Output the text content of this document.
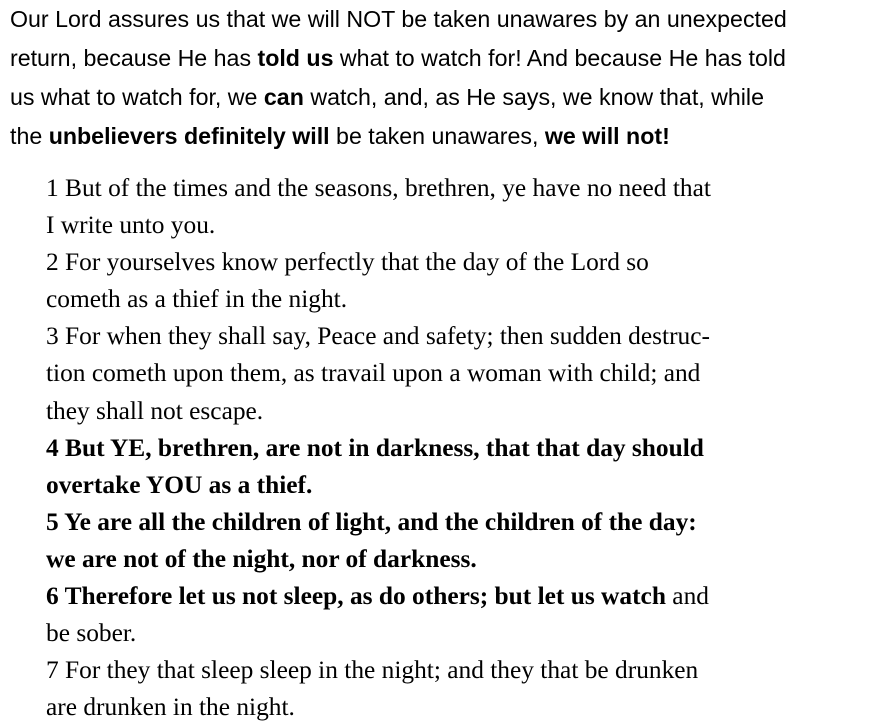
Our Lord assures us that we will NOT be taken unawares by an unexpected
return, because He has told us what to watch for! And because He has told
us what to watch for, we can watch, and, as He says, we know that, while
the unbelievers definitely will be taken unawares, we will not!
1 But of the times and the seasons, brethren, ye have no need that
I write unto you.
2 For yourselves know perfectly that the day of the Lord so
cometh as a thief in the night.
3 For when they shall say, Peace and safety; then sudden destruc-
tion cometh upon them, as travail upon a woman with child; and
they shall not escape.
4 But YE, brethren, are not in darkness, that that day should
overtake YOU as a thief.
5 Ye are all the children of light, and the children of the day:
we are not of the night, nor of darkness.
6 Therefore let us not sleep, as do others; but let us watch and
be sober.
7 For they that sleep sleep in the night; and they that be drunken
are drunken in the night.
